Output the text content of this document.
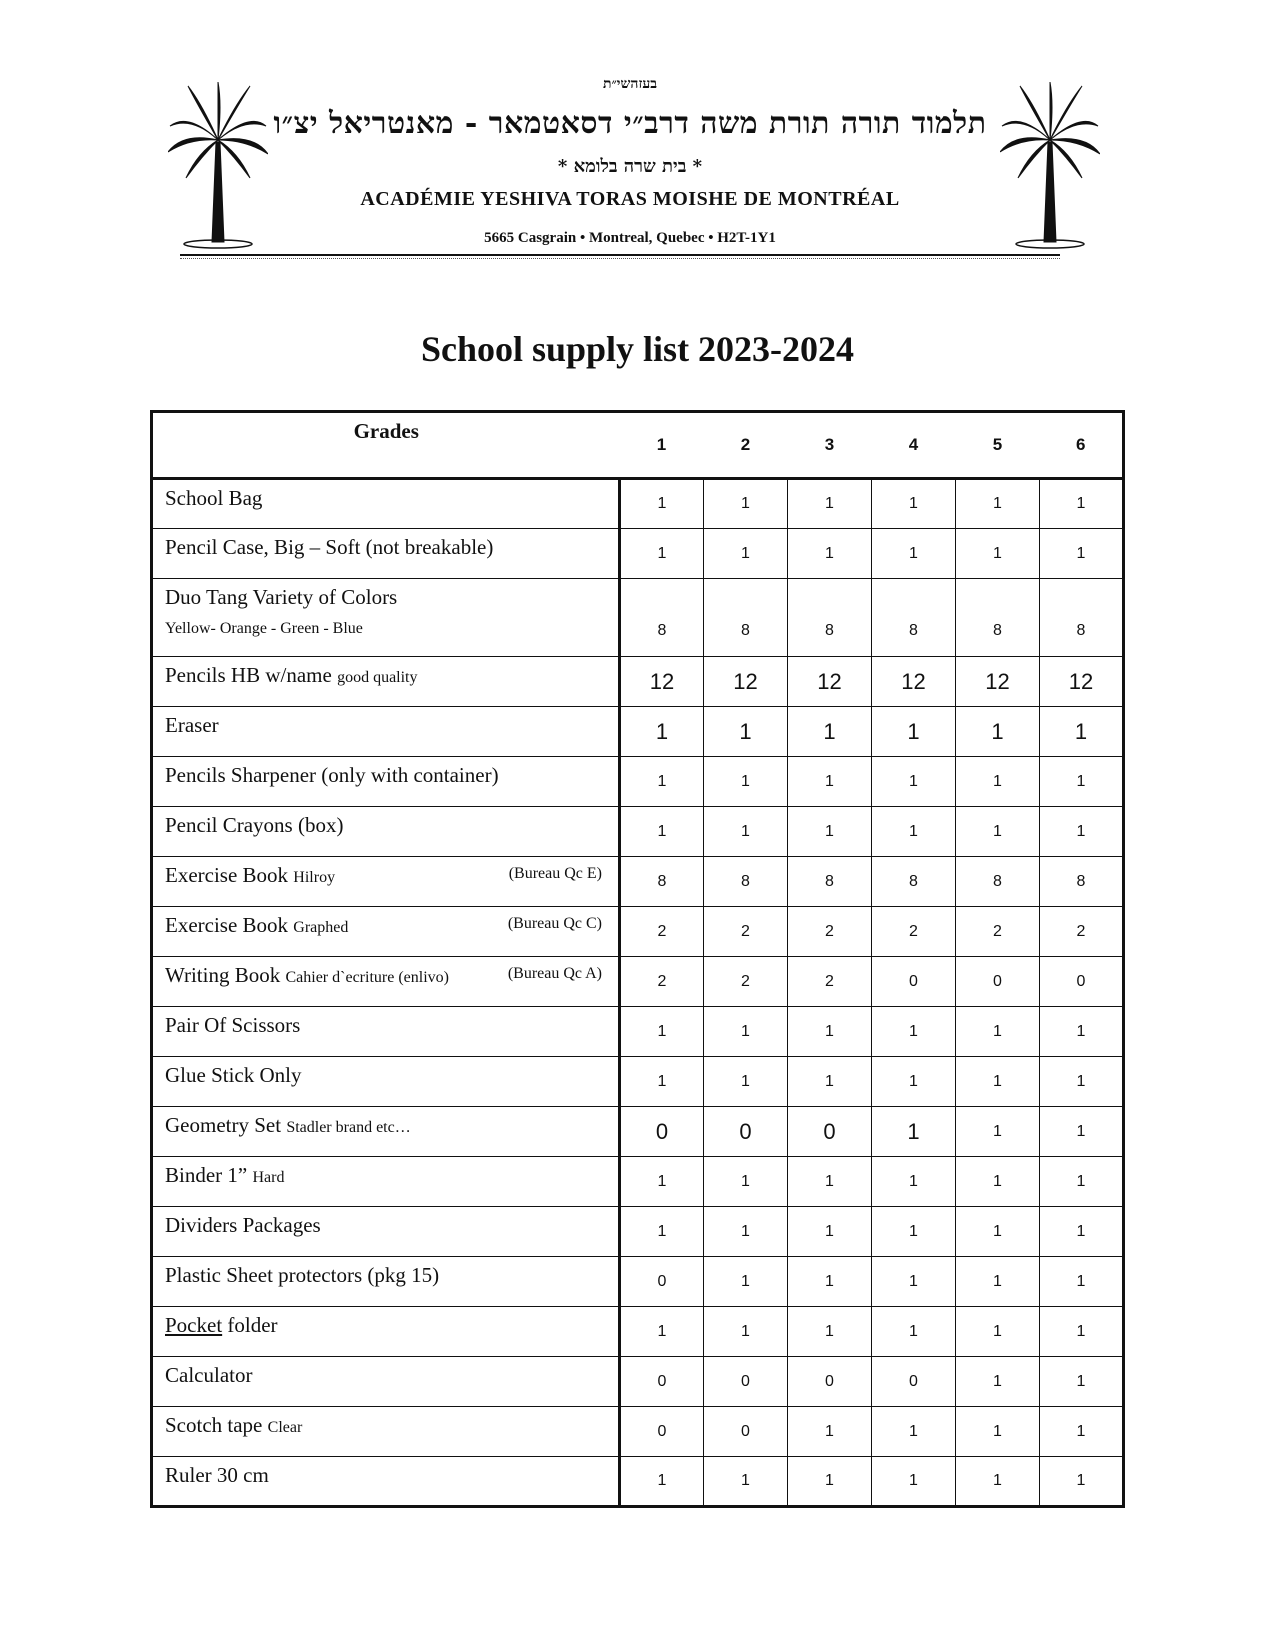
בעזהשי״ת
תלמוד תורה תורת משה דרב״י דסאטמאר - מאנטריאל יצ״ו
* בית שרה בלומא *
ACADÉMIE YESHIVA TORAS MOISHE DE MONTRÉAL
5665 Casgrain • Montreal, Quebec • H2T-1Y1
School supply list 2023-2024
Grades	1	2	3	4	5	6
School Bag	1	1	1	1	1	1
Pencil Case, Big – Soft (not breakable)	1	1	1	1	1	1
Duo Tang Variety of Colors
Yellow- Orange - Green - Blue	8	8	8	8	8	8
Pencils HB w/name good quality	12	12	12	12	12	12
Eraser	1	1	1	1	1	1
Pencils Sharpener (only with container)	1	1	1	1	1	1
Pencil Crayons (box)	1	1	1	1	1	1
Exercise Book Hilroy (Bureau Qc E)	8	8	8	8	8	8
Exercise Book Graphed (Bureau Qc C)	2	2	2	2	2	2
Writing Book Cahier d`ecriture (enlivo) (Bureau Qc A)	2	2	2	0	0	0
Pair Of Scissors	1	1	1	1	1	1
Glue Stick Only	1	1	1	1	1	1
Geometry Set Stadler brand etc…	0	0	0	1	1	1
Binder 1” Hard	1	1	1	1	1	1
Dividers Packages	1	1	1	1	1	1
Plastic Sheet protectors (pkg 15)	0	1	1	1	1	1
Pocket folder	1	1	1	1	1	1
Calculator	0	0	0	0	1	1
Scotch tape Clear	0	0	1	1	1	1
Ruler 30 cm	1	1	1	1	1	1
